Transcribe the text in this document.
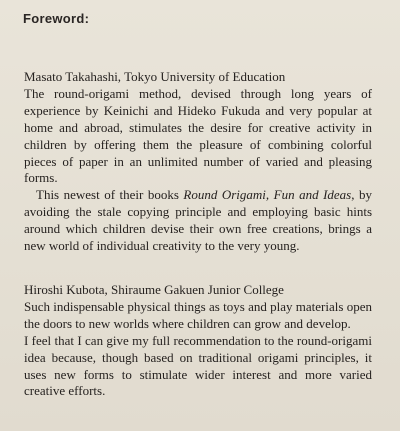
Foreword:

Masato Takahashi, Tokyo University of Education

The round-origami method, devised through long years of experience by Keinichi and Hideko Fukuda and very popular at home and abroad, stimulates the desire for creative activity in children by offering them the pleasure of combining colorful pieces of paper in an unlimited number of varied and pleasing forms.

This newest of their books Round Origami, Fun and Ideas, by avoiding the stale copying principle and employing basic hints around which children devise their own free creations, brings a new world of individual creativity to the very young.

Hiroshi Kubota, Shiraume Gakuen Junior College

Such indispensable physical things as toys and play materials open the doors to new worlds where children can grow and develop.

I feel that I can give my full recommendation to the round-origami idea because, though based on traditional origami principles, it uses new forms to stimulate wider interest and more varied creative efforts.
